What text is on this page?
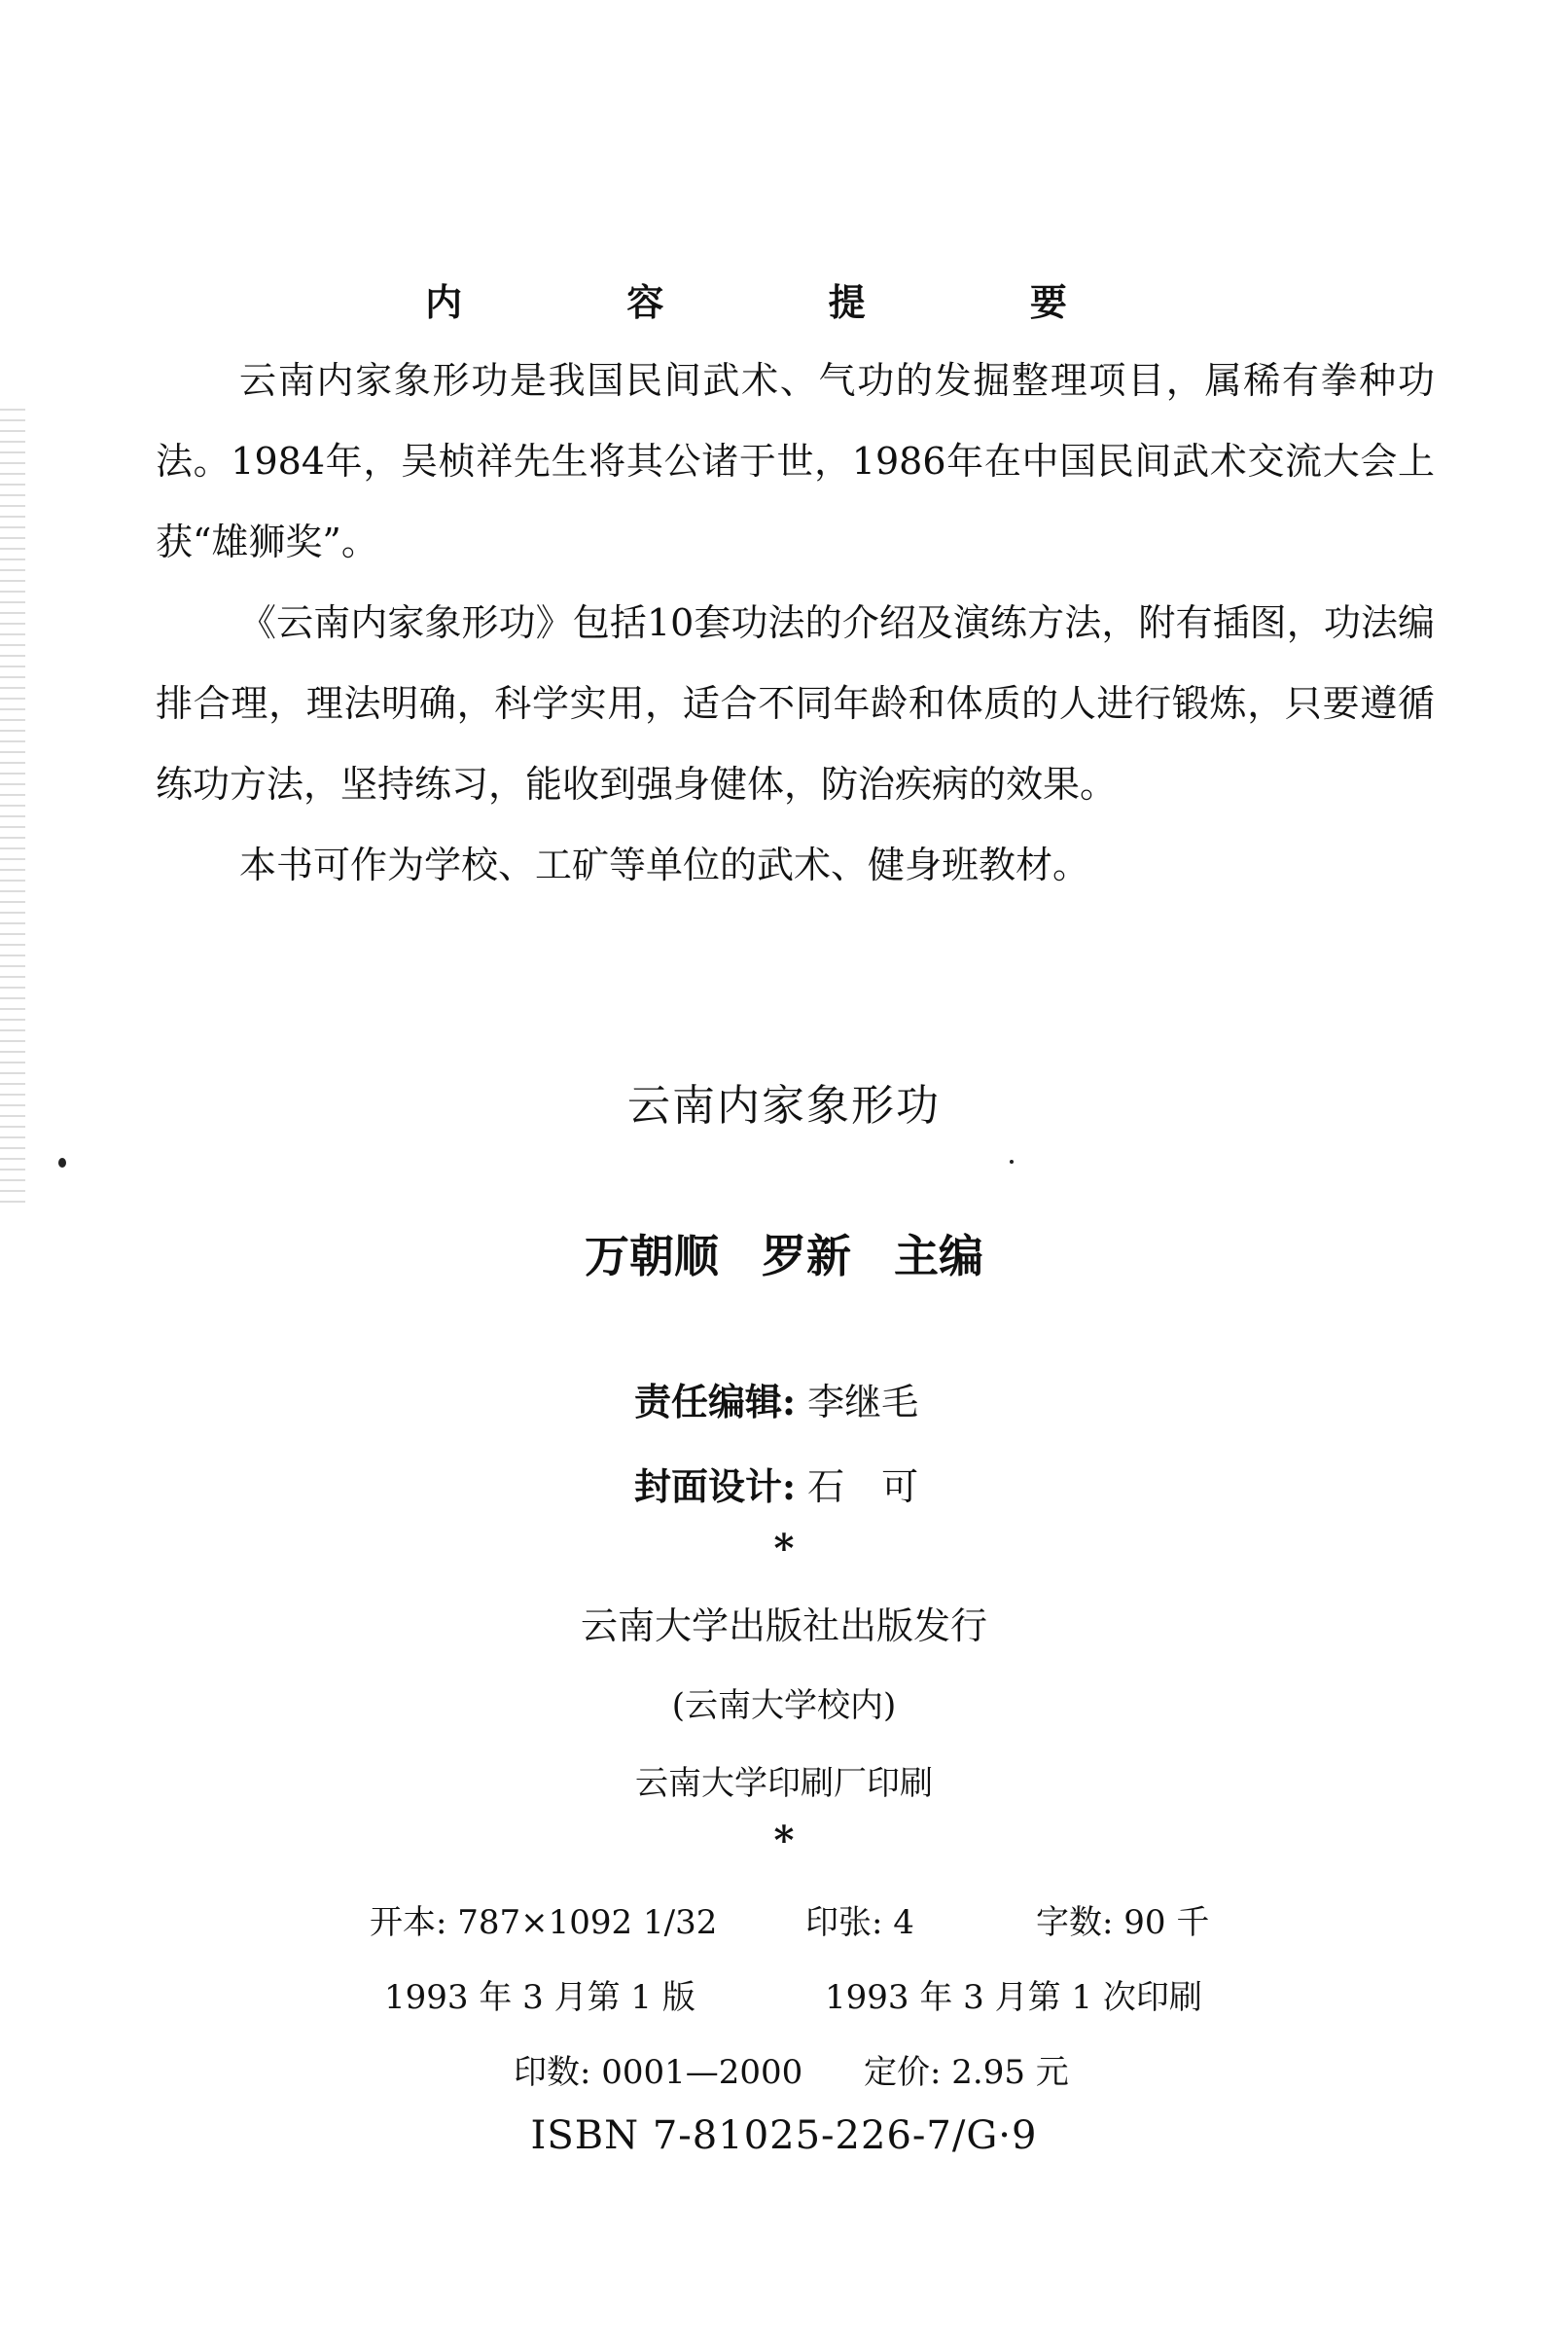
内 容 提 要

云南内家象形功是我国民间武术、气功的发掘整理项目，属稀有拳种功法。1984年，吴桢祥先生将其公诸于世，1986年在中国民间武术交流大会上获“雄狮奖”。

《云南内家象形功》包括10套功法的介绍及演练方法，附有插图，功法编排合理，理法明确，科学实用，适合不同年龄和体质的人进行锻炼，只要遵循练功方法，坚持练习，能收到强身健体，防治疾病的效果。

本书可作为学校、工矿等单位的武术、健身班教材。

云南内家象形功
万朝顺 罗新 主编
责任编辑: 李继毛
封面设计: 石　可
*
云南大学出版社出版发行
(云南大学校内)
云南大学印刷厂印刷
*
开本: 787×1092 1/32	印张: 4	字数: 90 千
1993 年 3 月第 1 版	1993 年 3 月第 1 次印刷
印数: 0001—2000 定价: 2.95 元
ISBN 7-81025-226-7/G·9
